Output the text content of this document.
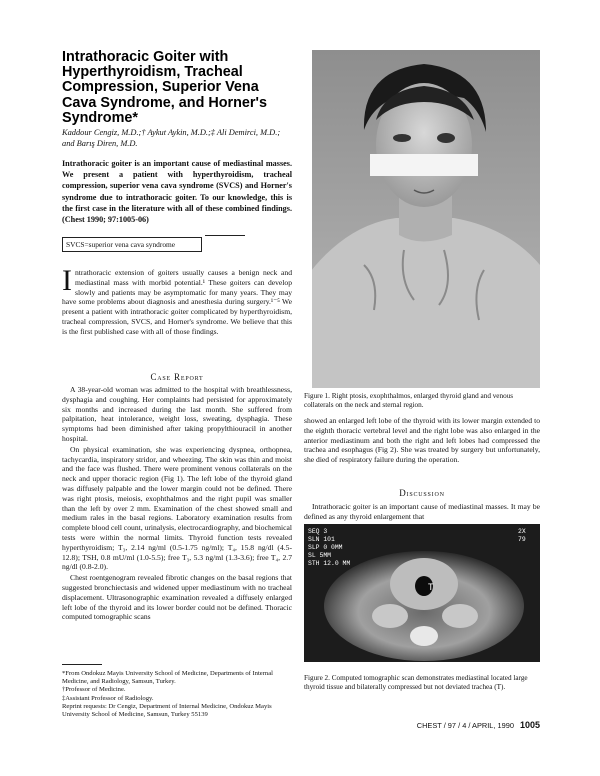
Intrathoracic Goiter with Hyperthyroidism, Tracheal Compression, Superior Vena Cava Syndrome, and Horner's Syndrome*
Kaddour Cengiz, M.D.;† Aykut Aykin, M.D.;‡ Ali Demirci, M.D.; and Barış Diren, M.D.
Intrathoracic goiter is an important cause of mediastinal masses. We present a patient with hyperthyroidism, tracheal compression, superior vena cava syndrome (SVCS) and Horner's syndrome due to intrathoracic goiter. To our knowledge, this is the first case in the literature with all of these combined findings. (Chest 1990; 97:1005-06)
SVCS=superior vena cava syndrome
Intrathoracic extension of goiters usually causes a benign neck and mediastinal mass with morbid potential.¹ These goiters can develop slowly and patients may be asymptomatic for many years. They may have some problems about diagnosis and anesthesia during surgery.¹⁻⁵ We present a patient with intrathoracic goiter complicated by hyperthyroidism, tracheal compression, SVCS, and Horner's syndrome. We believe that this is the first published case with all of those findings.

Case Report

A 38-year-old woman was admitted to the hospital with breathlessness, dysphagia and coughing. Her complaints had persisted for approximately six months and increased during the last month. She suffered from palpitation, heat intolerance, weight loss, sweating, dysphagia. These symptoms had been diminished after taking propylthiouracil in another hospital.

On physical examination, she was experiencing dyspnea, orthopnea, tachycardia, inspiratory stridor, and wheezing. The skin was thin and moist and the face was flushed. There were prominent venous collaterals on the neck and upper thoracic region (Fig 1). The left lobe of the thyroid gland was diffusely palpable and the lower margin could not be defined. There was right ptosis, meiosis, exophthalmos and the right pupil was smaller than the left by over 2 mm. Examination of the chest showed small and medium rales in the basal regions. Laboratory examination results from complete blood cell count, urinalysis, electrocardiography, and biochemical tests were within the normal limits. Thyroid function tests revealed hyperthyroidism; T₃, 2.14 ng/ml (0.5-1.75 ng/ml); T₄, 15.8 ng/dl (4.5-12.8); TSH, 0.8 mU/ml (1.0-5.5); free T₃, 5.3 ng/ml (1.3-3.6); free T₄, 2.7 ng/dl (0.8-2.0).

Chest roentgenogram revealed fibrotic changes on the basal regions that suggested bronchiectasis and widened upper mediastinum with no tracheal displacement. Ultrasonographic examination revealed a diffusely enlarged left lobe of the thyroid and its lower border could not be defined. Thoracic computed tomographic scans

*From Ondokuz Mayis University School of Medicine, Departments of Internal Medicine, and Radiology, Samsun, Turkey.

†Professor of Medicine.

‡Assistant Professor of Radiology.

Reprint requests: Dr Cengiz, Department of Internal Medicine, Ondokuz Mayis University School of Medicine, Samsun, Turkey 55139

Figure 1. Right ptosis, exophthalmos, enlarged thyroid gland and venous collaterals on the neck and sternal region.
showed an enlarged left lobe of the thyroid with its lower margin extended to the eighth thoracic vertebral level and the right lobe was also enlarged in the anterior mediastinum and both the right and left lobes had compressed the trachea and esophagus (Fig 2). She was treated by surgery but unfortunately, she died of respiratory failure during the operation.

Discussion

Intrathoracic goiter is an important cause of mediastinal masses. It may be defined as any thyroid enlargement that

T
SEQ 3
SLN 101
SLP 0 0MM
SL 5MM
STH 12.0 MM
2X
79
Figure 2. Computed tomographic scan demonstrates mediastinal located large thyroid tissue and bilaterally compressed but not deviated trachea (T).
CHEST / 97 / 4 / APRIL, 1990 1005
